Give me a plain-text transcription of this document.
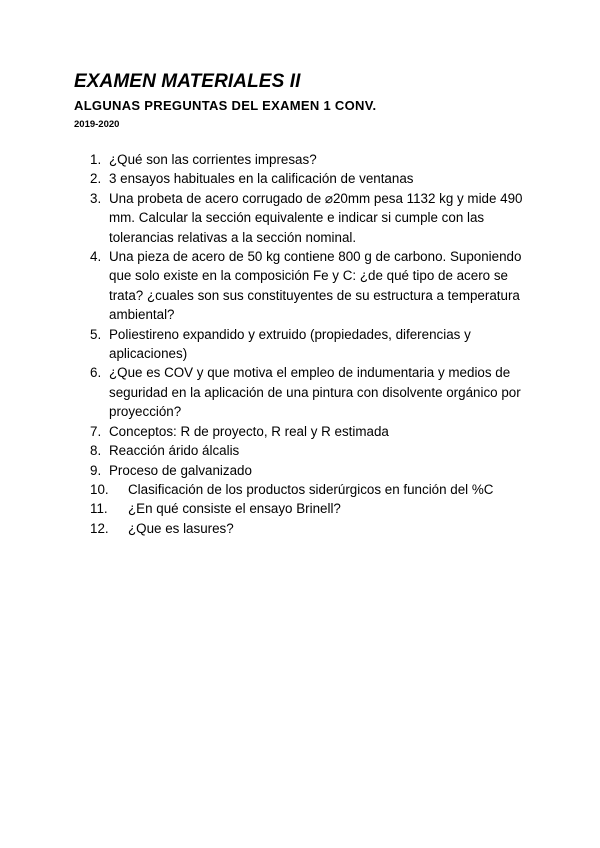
EXAMEN MATERIALES II
ALGUNAS PREGUNTAS DEL EXAMEN 1 CONV.
2019-2020
1. ¿Qué son las corrientes impresas?
2. 3 ensayos habituales en la calificación de ventanas
3. Una probeta de acero corrugado de ⌀20mm pesa 1132 kg y mide 490 mm. Calcular la sección equivalente e indicar si cumple con las tolerancias relativas a la sección nominal.
4. Una pieza de acero de 50 kg contiene 800 g de carbono. Suponiendo que solo existe en la composición Fe y C: ¿de qué tipo de acero se trata? ¿cuales son sus constituyentes de su estructura a temperatura ambiental?
5. Poliestireno expandido y extruido (propiedades, diferencias y aplicaciones)
6. ¿Que es COV y que motiva el empleo de indumentaria y medios de seguridad en la aplicación de una pintura con disolvente orgánico por proyección?
7. Conceptos: R de proyecto, R real y R estimada
8. Reacción árido álcalis
9. Proceso de galvanizado
10.	Clasificación de los productos siderúrgicos en función del %C
11.	¿En qué consiste el ensayo Brinell?
12.	¿Que es lasures?
